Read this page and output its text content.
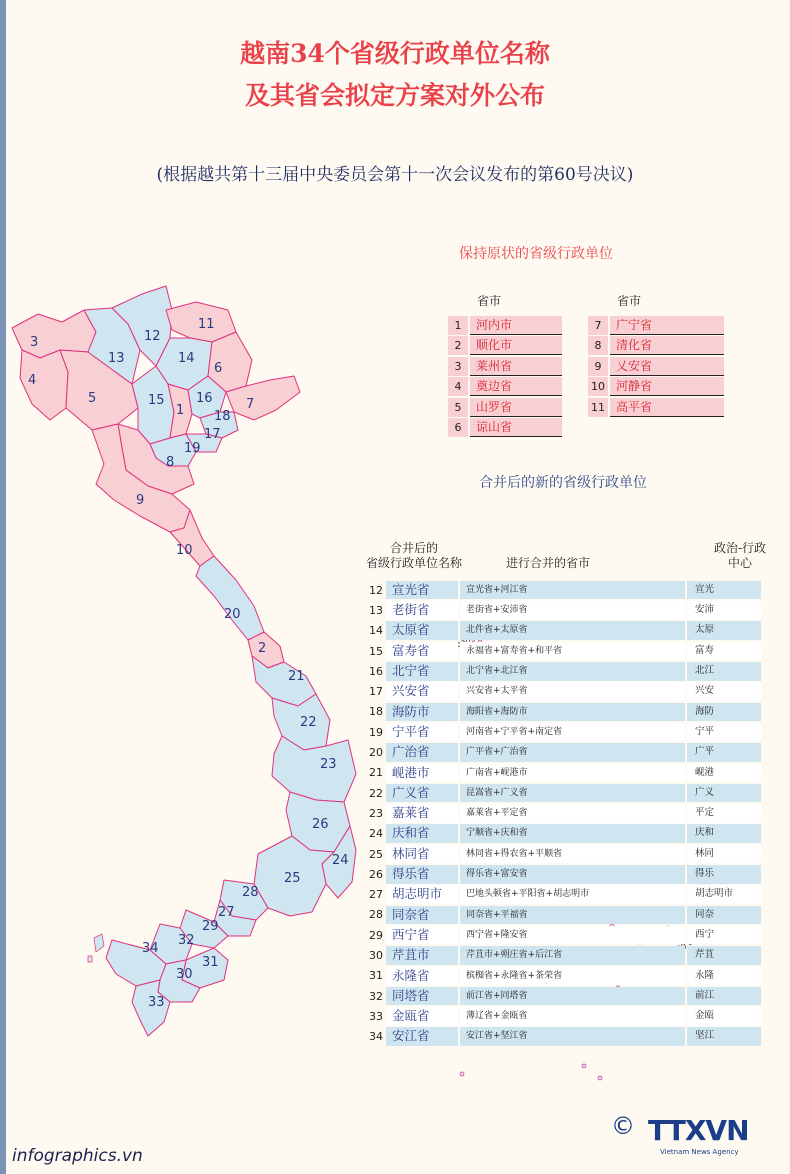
越南34个省级行政单位名称
及其省会拟定方案对外公布
(根据越共第十三届中央委员会第十一次会议发布的第60号决议)
3
4
5
13
12
11
14
6
7
15
1
16
18
17
19
8
9
10
20
2
21
22
23
26
24
25
28
27
29
32
34
31
30
33
保持原状的省级行政单位
省市	省市
1	河内市
2	顺化市
3	莱州省
4	奠边省
5	山罗省
6	谅山省
7	广宁省
8	清化省
9	乂安省
10 河静省
11 高平省
合并后的新的省级行政单位
合并后的
省级行政单位名称	进行合并的省市
政治-行政
中心
12 宣光省	宣光省+河江省	宣光
13 老街省	老街省+安沛省	安沛
14 太原省	北件省+太原省	太原
15 富寿省	永福省+富寿省+和平省	富寿
16 北宁省	北宁省+北江省	北江
17 兴安省	兴安省+太平省	兴安
18 海防市	海阳省+海防市	海防
19 宁平省	河南省+宁平省+南定省	宁平
20 广治省	广平省+广治省	广平
21 岘港市	广南省+岘港市	岘港
22 广义省	昆嵩省+广义省	广义
23 嘉莱省	嘉莱省+平定省	平定
24 庆和省	宁顺省+庆和省	庆和
25 林同省	林同省+得农省+平顺省	林同
26 得乐省	得乐省+富安省	得乐
27 胡志明市	巴地头顿省+平阳省+胡志明市	胡志明市
28 同奈省	同奈省+平福省	同奈
29 西宁省	西宁省+隆安省	西宁
30 芹苴市	芹苴市+朔庄省+后江省	芹苴
31 永隆省	槟椥省+永隆省+茶荣省	永隆
32 同塔省	前江省+同塔省	前江
33 金瓯省	薄辽省+金瓯省	金瓯
34 安江省	安江省+坚江省	坚江
infographics.vn
© TTXVN
Vietnam News Agency
